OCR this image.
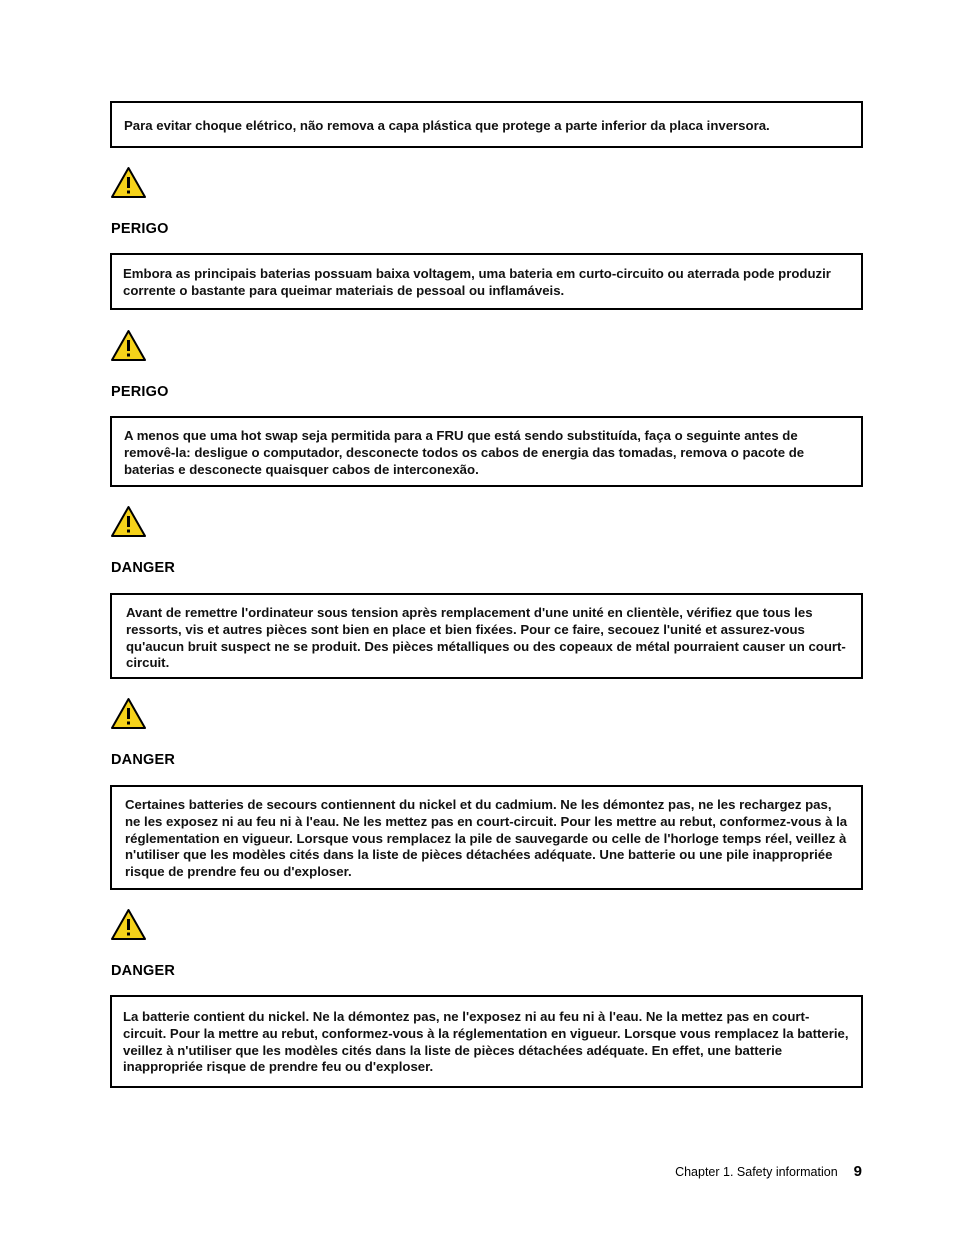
Para evitar choque elétrico, não remova a capa plástica que protege a parte inferior da placa inversora.

PERIGO

Embora as principais baterias possuam baixa voltagem, uma bateria em curto-circuito ou aterrada pode produzir corrente o bastante para queimar materiais de pessoal ou inflamáveis.

PERIGO

A menos que uma hot swap seja permitida para a FRU que está sendo substituída, faça o seguinte antes de removê-la: desligue o computador, desconecte todos os cabos de energia das tomadas, remova o pacote de baterias e desconecte quaisquer cabos de interconexão.

DANGER

Avant de remettre l'ordinateur sous tension après remplacement d'une unité en clientèle, vérifiez que tous les ressorts, vis et autres pièces sont bien en place et bien fixées. Pour ce faire, secouez l'unité et assurez-vous qu'aucun bruit suspect ne se produit. Des pièces métalliques ou des copeaux de métal pourraient causer un court-circuit.

DANGER

Certaines batteries de secours contiennent du nickel et du cadmium. Ne les démontez pas, ne les rechargez pas, ne les exposez ni au feu ni à l'eau. Ne les mettez pas en court-circuit. Pour les mettre au rebut, conformez-vous à la réglementation en vigueur. Lorsque vous remplacez la pile de sauvegarde ou celle de l'horloge temps réel, veillez à n'utiliser que les modèles cités dans la liste de pièces détachées adéquate. Une batterie ou une pile inappropriée risque de prendre feu ou d'exploser.

DANGER

La batterie contient du nickel. Ne la démontez pas, ne l'exposez ni au feu ni à l'eau. Ne la mettez pas en court-circuit. Pour la mettre au rebut, conformez-vous à la réglementation en vigueur. Lorsque vous remplacez la batterie, veillez à n'utiliser que les modèles cités dans la liste de pièces détachées adéquate. En effet, une batterie inappropriée risque de prendre feu ou d'exploser.

Chapter 1. Safety information 9
